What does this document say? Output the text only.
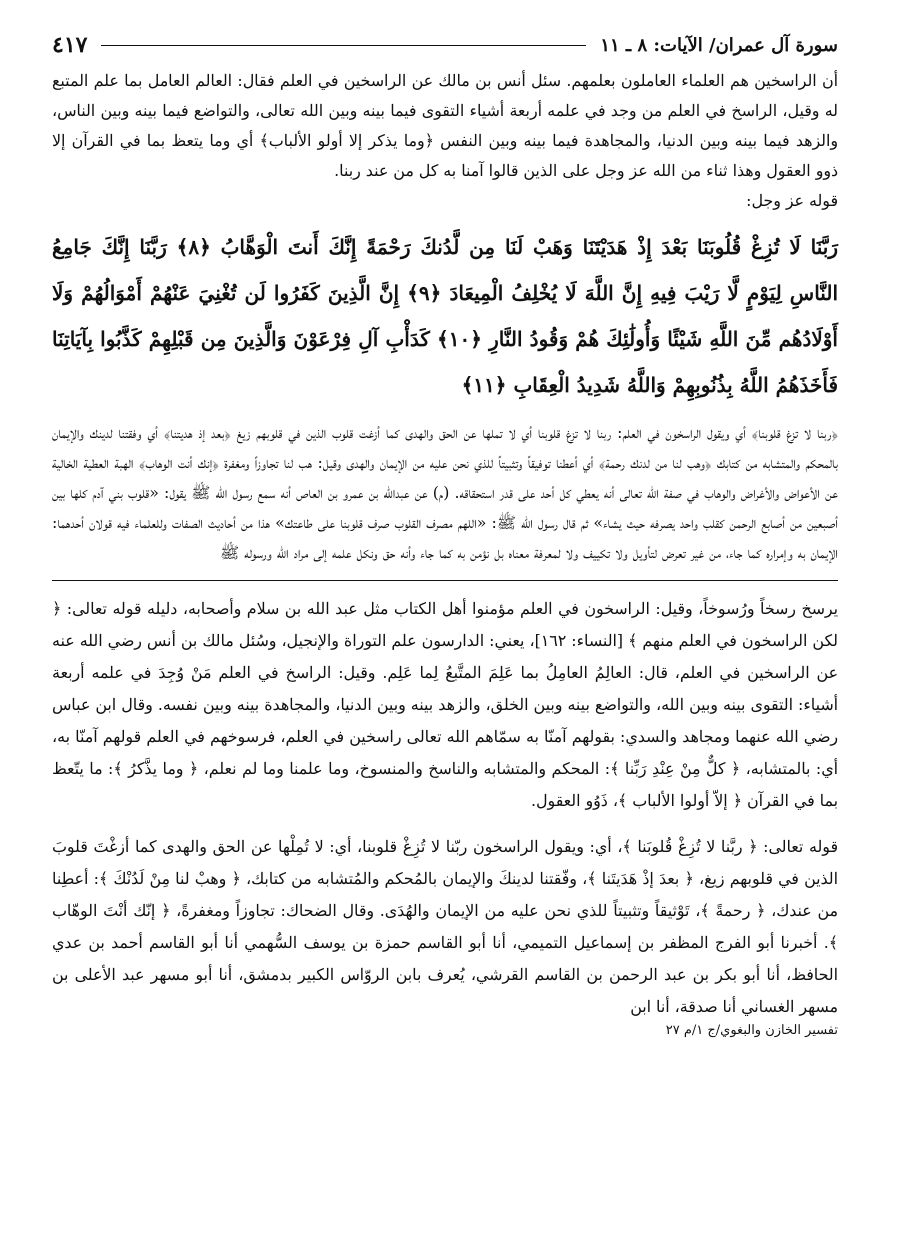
سورة آل عمران/ الآيات: ٨ ـ ١١
٤١٧

أن الراسخين هم العلماء العاملون بعلمهم. سئل أنس بن مالك عن الراسخين في العلم فقال: العالم العامل بما علم المتبع له وقيل، الراسخ في العلم من وجد في علمه أربعة أشياء التقوى فيما بينه وبين الله تعالى، والتواضع فيما بينه وبين الناس، والزهد فيما بينه وبين الدنيا، والمجاهدة فيما بينه وبين النفس ﴿وما يذكر إلا أولو الألباب﴾ أي وما يتعظ بما في القرآن إلا ذوو العقول وهذا ثناء من الله عز وجل على الذين قالوا آمنا به كل من عند ربنا.

قوله عز وجل:

رَبَّنَا لَا تُزِغْ قُلُوبَنَا بَعْدَ إِذْ هَدَيْتَنَا وَهَبْ لَنَا مِن لَّدُنكَ رَحْمَةً إِنَّكَ أَنتَ الْوَهَّابُ ﴿٨﴾ رَبَّنَا إِنَّكَ جَامِعُ النَّاسِ لِيَوْمٍ لَّا رَيْبَ فِيهِ إِنَّ اللَّهَ لَا يُخْلِفُ الْمِيعَادَ ﴿٩﴾ إِنَّ الَّذِينَ كَفَرُوا لَن تُغْنِيَ عَنْهُمْ أَمْوَالُهُمْ وَلَا أَوْلَادُهُم مِّنَ اللَّهِ شَيْئًا وَأُولَٰئِكَ هُمْ وَقُودُ النَّارِ ﴿١٠﴾ كَدَأْبِ آلِ فِرْعَوْنَ وَالَّذِينَ مِن قَبْلِهِمْ كَذَّبُوا بِآيَاتِنَا فَأَخَذَهُمُ اللَّهُ بِذُنُوبِهِمْ وَاللَّهُ شَدِيدُ الْعِقَابِ ﴿١١﴾

﴿ربنا لا تزغ قلوبنا﴾ أي ويقول الراسخون في العلم: ربنا لا تزغ قلوبنا أي لا تملها عن الحق والهدى كما أزغت قلوب الذين في قلوبهم زيغ ﴿بعد إذ هديتنا﴾ أي وفقتنا لدينك والإيمان بالمحكم والمتشابه من كتابك ﴿وهب لنا من لدنك رحمة﴾ أي أعطنا توفيقاً وتثبيتاً للذي نحن عليه من الإيمان والهدى وقيل: هب لنا تجاوزاً ومغفرة ﴿إنك أنت الوهاب﴾ الهبة العطية الخالية عن الأعواض والأغراض والوهاب في صفة الله تعالى أنه يعطي كل أحد على قدر استحقاقه. (م) عن عبدالله بن عمرو بن العاص أنه سمع رسول الله ﷺ يقول: «قلوب بني آدم كلها بين أصبعين من أصابع الرحمن كقلب واحد يصرفه حيث يشاء» ثم قال رسول الله ﷺ: «اللهم مصرف القلوب صرف قلوبنا على طاعتك» هذا من أحاديث الصفات وللعلماء فيه قولان أحدهما: الإيمان به وإمراره كما جاء، من غير تعرض لتأويل ولا تكييف ولا لمعرفة معناه بل نؤمن به كما جاء وأنه حق ونكل علمه إلى مراد الله ورسوله ﷺ

يرسخ رسخاً ورُسوخاً، وقيل: الراسخون في العلم مؤمنوا أهل الكتاب مثل عبد الله بن سلام وأصحابه، دليله قوله تعالى: ﴿ لكن الراسخون في العلم منهم ﴾ [النساء: ١٦٢]، يعني: الدارسون علم التوراة والإنجيل، وسُئل مالك بن أنس رضي الله عنه عن الراسخين في العلم، قال: العالِمُ العامِلُ بما عَلِمَ المتَّبعُ لِما عَلِم. وقيل: الراسخ في العلم مَنْ وُجِدَ في علمه أربعة أشياء: التقوى بينه وبين الله، والتواضع بينه وبين الخلق، والزهد بينه وبين الدنيا، والمجاهدة بينه وبين نفسه. وقال ابن عباس رضي الله عنهما ومجاهد والسدي: بقولهم آمنّا به سمّاهم الله تعالى راسخين في العلم، فرسوخهم في العلم قولهم آمنّا به، أي: بالمتشابه، ﴿ كلٌّ مِنْ عِنْدِ رَبِّنا ﴾: المحكم والمتشابه والناسخ والمنسوخ، وما علمنا وما لم نعلم، ﴿ وما يذَّكرُ ﴾: ما يتّعظ بما في القرآن ﴿ إلاّ أولوا الألباب ﴾، ذَوُو العقول.

قوله تعالى: ﴿ ربَّنا لا تُزِغْ قُلوبَنا ﴾، أي: ويقول الراسخون ربّنا لا تُزِغْ قلوبنا، أي: لا تُمِلْها عن الحق والهدى كما أزغْتَ قلوبَ الذين في قلوبهم زيغ، ﴿ بعدَ إذْ هَدَيتَنا ﴾، وفّقتنا لدينكَ والإيمان بالمُحكم والمُتشابه من كتابك، ﴿ وهبْ لنا مِنْ لَدُنْكَ ﴾: أعطِنا من عندك، ﴿ رحمةً ﴾، تَوْثيقاً وتثبيتاً للذي نحن عليه من الإيمان والهُدَى. وقال الضحاك: تجاوزاً ومغفرةً، ﴿ إنّك أنْتَ الوهّاب ﴾. أخبرنا أبو الفرج المظفر بن إسماعيل التميمي، أنا أبو القاسم حمزة بن يوسف السُّهمي أنا أبو القاسم أحمد بن عدي الحافظ، أنا أبو بكر بن عبد الرحمن بن القاسم القرشي، يُعرف بابن الروّاس الكبير بدمشق، أنا أبو مسهر عبد الأعلى بن مسهر الغساني أنا صدقة، أنا ابن

تفسير الخازن والبغوي/ج ١/م ٢٧
